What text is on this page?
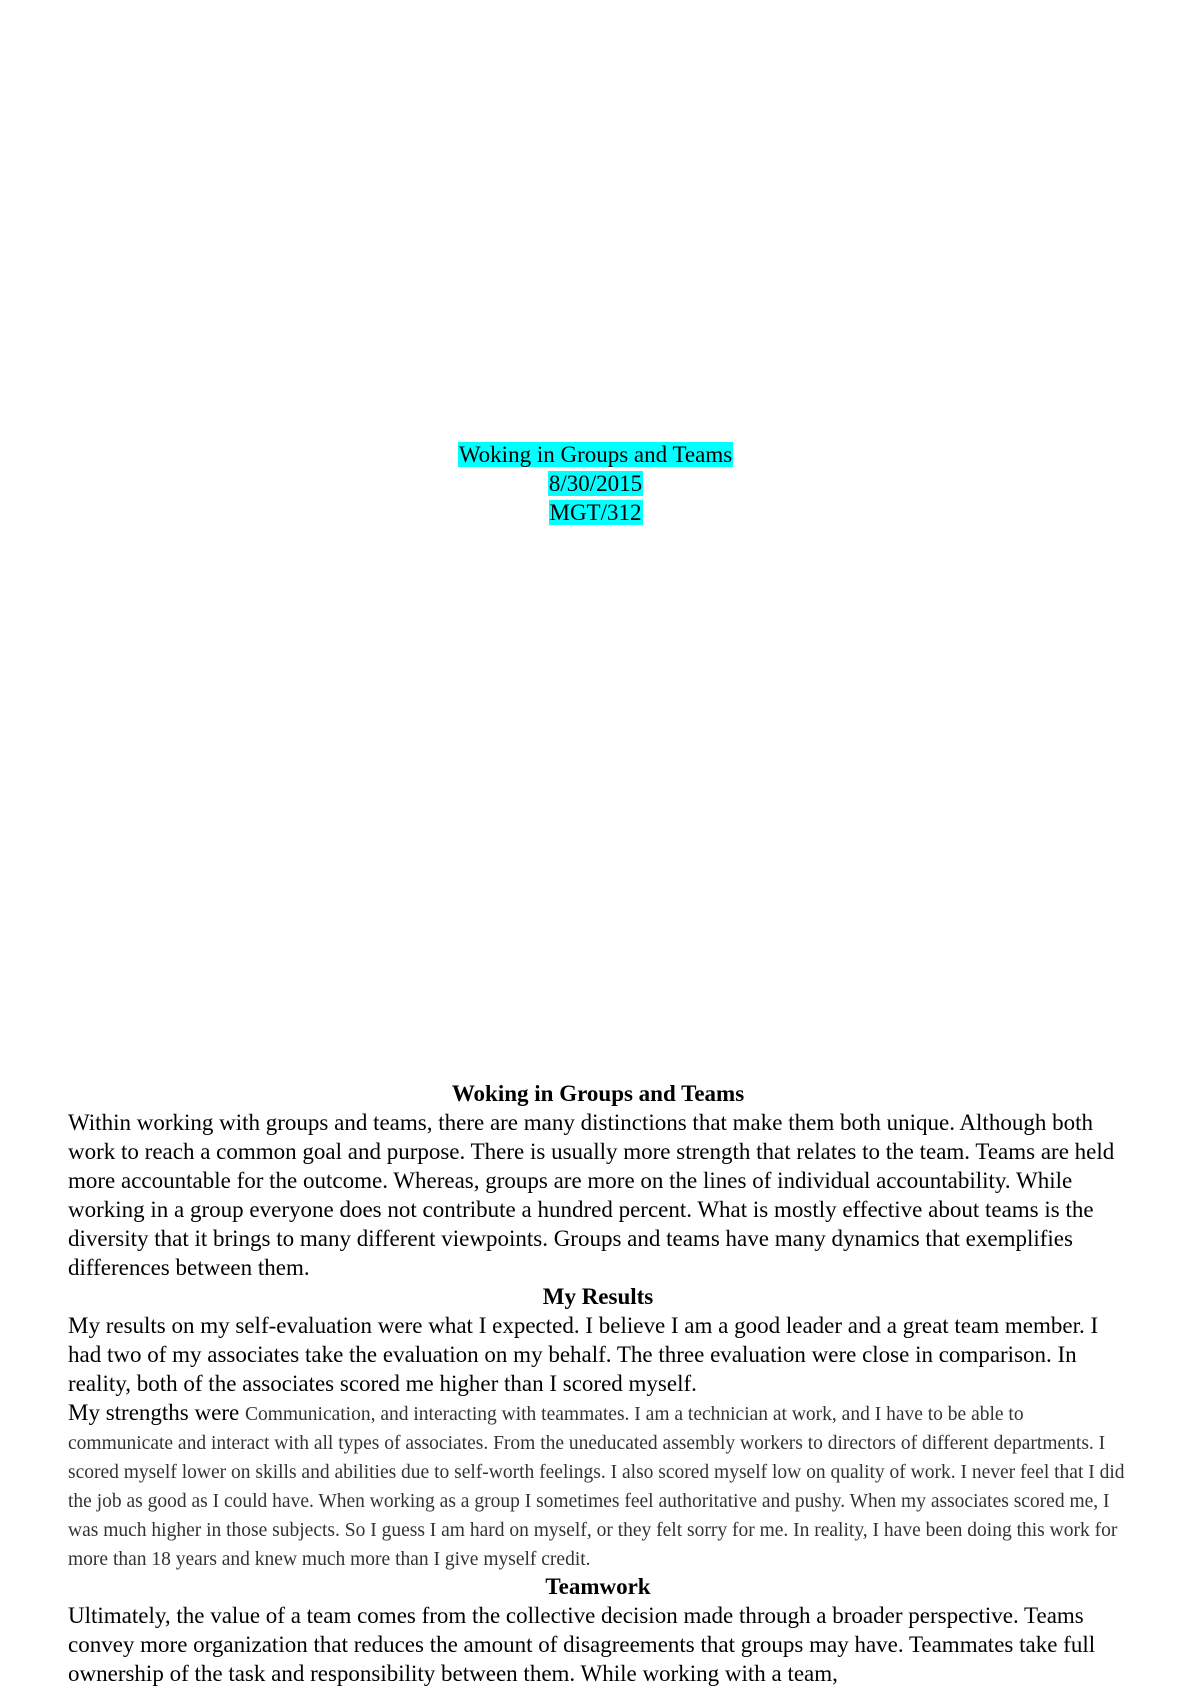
Woking in Groups and Teams
8/30/2015
MGT/312

Woking in Groups and Teams

Within working with groups and teams, there are many distinctions that make them both unique. Although both work to reach a common goal and purpose. There is usually more strength that relates to the team. Teams are held more accountable for the outcome. Whereas, groups are more on the lines of individual accountability. While working in a group everyone does not contribute a hundred percent. What is mostly effective about teams is the diversity that it brings to many different viewpoints. Groups and teams have many dynamics that exemplifies differences between them.

My Results

My results on my self-evaluation were what I expected. I believe I am a good leader and a great team member. I had two of my associates take the evaluation on my behalf. The three evaluation were close in comparison. In reality, both of the associates scored me higher than I scored myself.

My strengths were Communication, and interacting with teammates. I am a technician at work, and I have to be able to communicate and interact with all types of associates. From the uneducated assembly workers to directors of different departments. I scored myself lower on skills and abilities due to self-worth feelings. I also scored myself low on quality of work. I never feel that I did the job as good as I could have. When working as a group I sometimes feel authoritative and pushy. When my associates scored me, I was much higher in those subjects. So I guess I am hard on myself, or they felt sorry for me. In reality, I have been doing this work for more than 18 years and knew much more than I give myself credit.

Teamwork

Ultimately, the value of a team comes from the collective decision made through a broader perspective. Teams convey more organization that reduces the amount of disagreements that groups may have. Teammates take full ownership of the task and responsibility between them. While working with a team,
